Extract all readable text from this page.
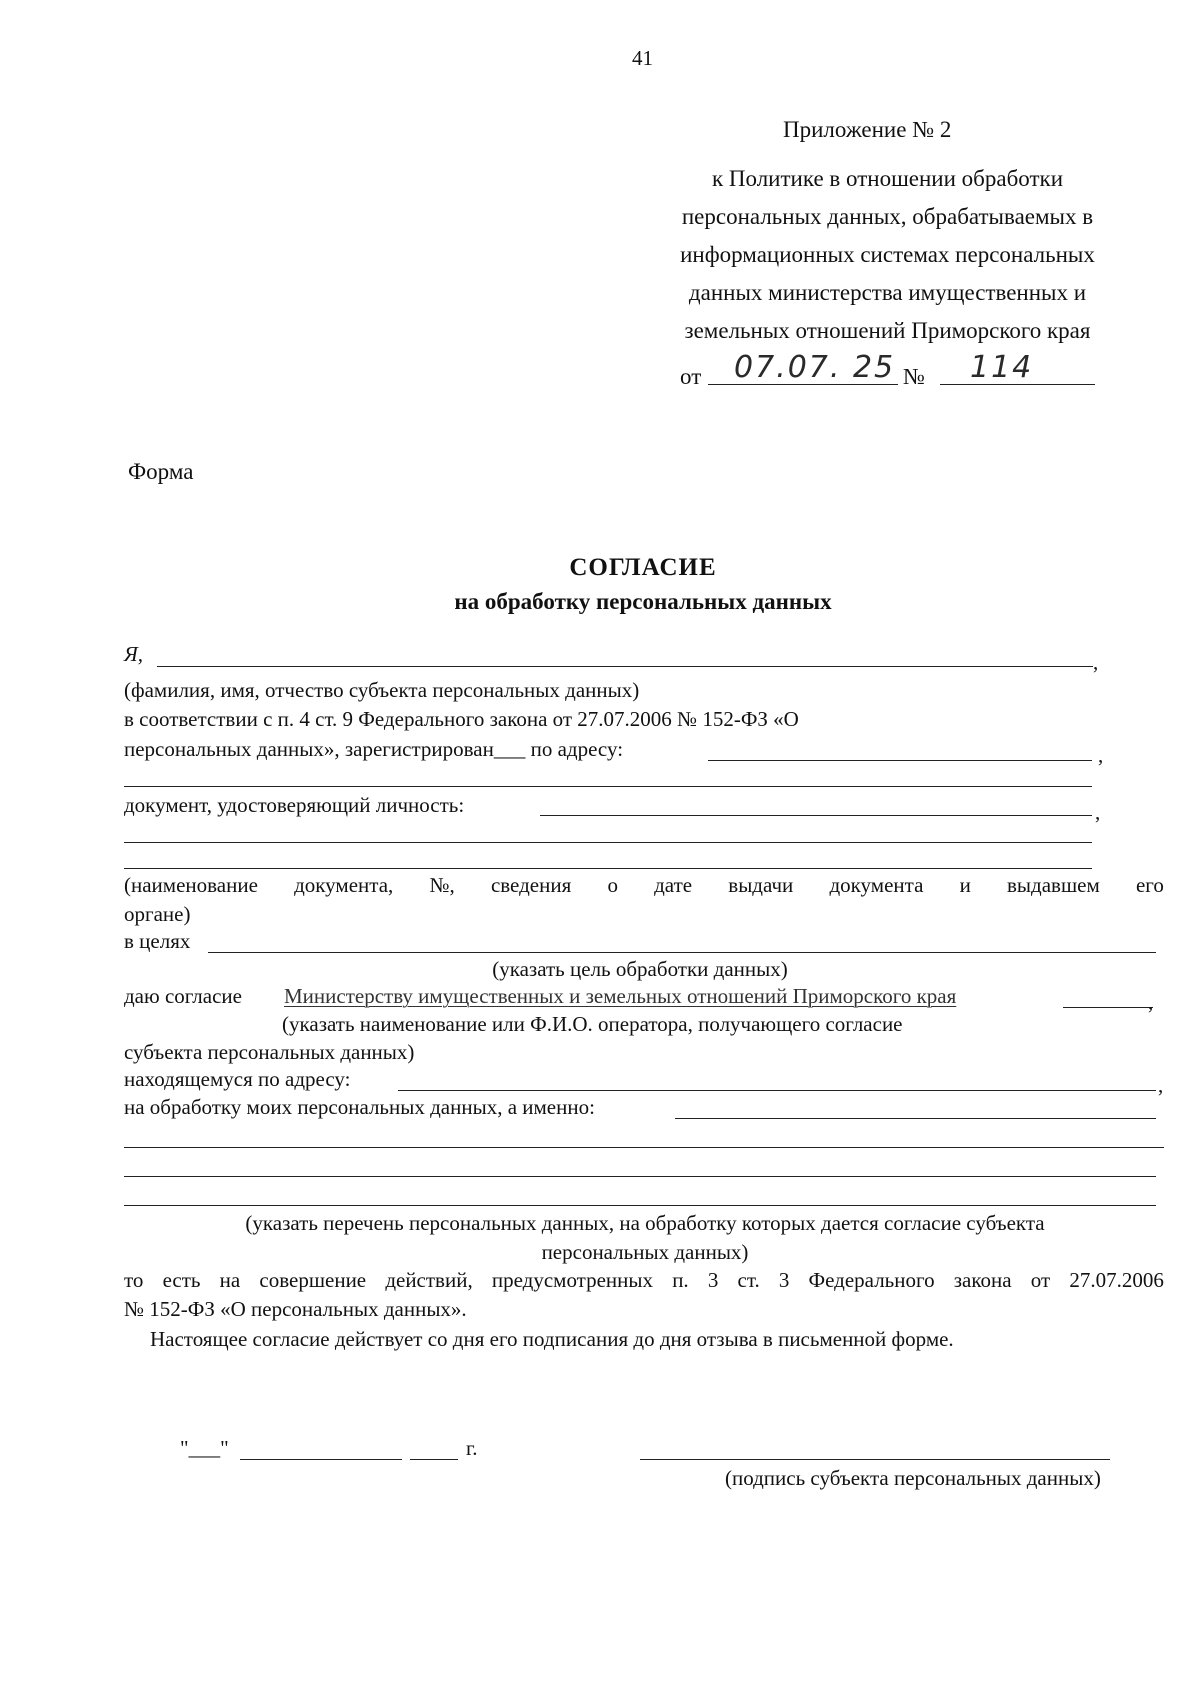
41
Приложение № 2
к Политике в отношении обработки
персональных данных, обрабатываемых в
информационных системах персональных
данных министерства имущественных и
земельных отношений Приморского края
от 07.07. 25 № 114
Форма
СОГЛАСИЕ
на обработку персональных данных
Я,	,
(фамилия, имя, отчество субъекта персональных данных)
в соответствии с п. 4 ст. 9 Федерального закона от 27.07.2006 № 152-ФЗ «О
персональных данных», зарегистрирован___ по адресу:	,
документ, удостоверяющий личность:	,
(наименование документа, №, сведения о дате выдачи документа и выдавшем его
органе)
в целях
(указать цель обработки данных)
даю согласие Министерству имущественных и земельных отношений Приморского края	,
(указать наименование или Ф.И.О. оператора, получающего согласие
субъекта персональных данных)
находящемуся по адресу:	,
на обработку моих персональных данных, а именно:
(указать перечень персональных данных, на обработку которых дается согласие субъекта
персональных данных)
то есть на совершение действий, предусмотренных п. 3 ст. 3 Федерального закона от 27.07.2006
№ 152-ФЗ «О персональных данных».
Настоящее согласие действует со дня его подписания до дня отзыва в письменной форме.
"___"	г.
(подпись субъекта персональных данных)
